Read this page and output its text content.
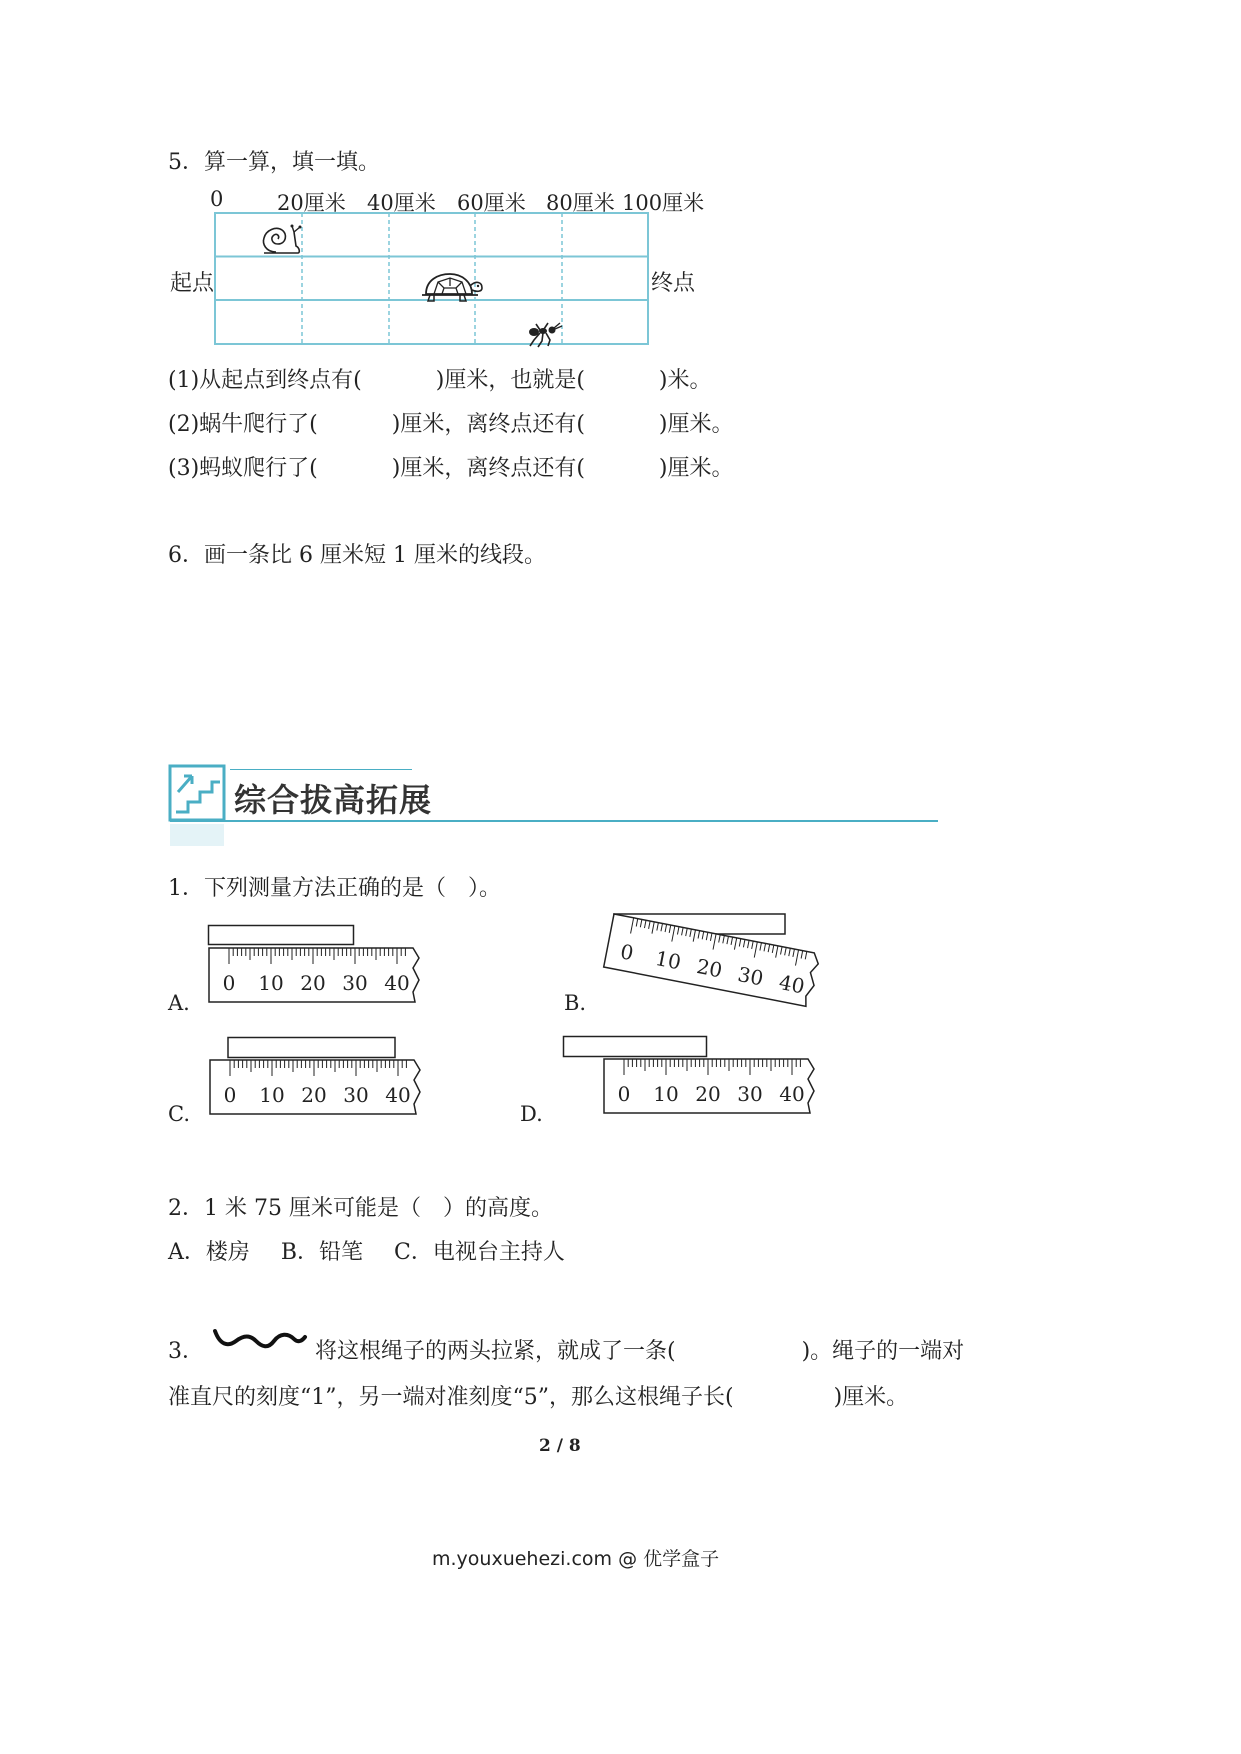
5．算一算，填一填。
0	20厘米 40厘米 60厘米 80厘米 100厘米
起点	终点
(1)从起点到终点有(	)厘米，也就是(	)米。
(2)蜗牛爬行了(	)厘米，离终点还有(	)厘米。
(3)蚂蚁爬行了(	)厘米，离终点还有(	)厘米。
6．画一条比 6 厘米短 1 厘米的线段。
综合拔高拓展
1．下列测量方法正确的是（　）。
A.
0 10 20 30 40
B.
0 10 20 30 40
C.
0 10 20 30 40
D.
0 10 20 30 40
2．1 米 75 厘米可能是（　）的高度。
A．楼房　 B．铅笔　 C．电视台主持人
3．	将这根绳子的两头拉紧，就成了一条(	)。绳子的一端对
准直尺的刻度“1”，另一端对准刻度“5”，那么这根绳子长(	)厘米。
2 / 8
m.youxuehezi.com @ 优学盒子
